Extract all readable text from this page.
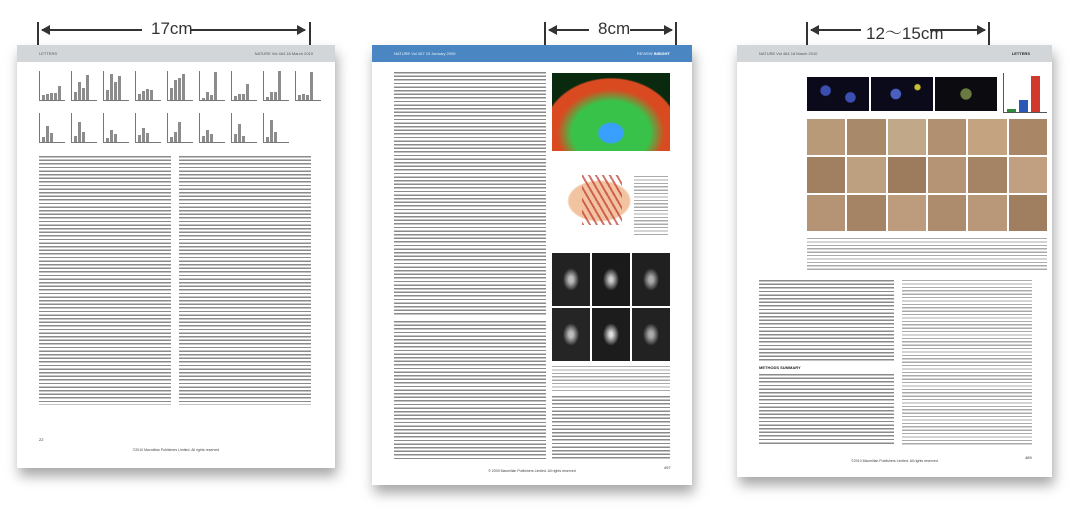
17cm	8cm	12～15cm
LETTERS	NATURE Vol 464 18 March 2010
22
©2010 Macmillan Publishers Limited. All rights reserved
NATURE Vol 457 15 January 2009	REVIEW INSIGHT
© 2009 Macmillan Publishers Limited. All rights reserved
497
NATURE Vol 464 18 March 2010	LETTERS
METHODS SUMMARY
©2010 Macmillan Publishers Limited. All rights reserved
489
